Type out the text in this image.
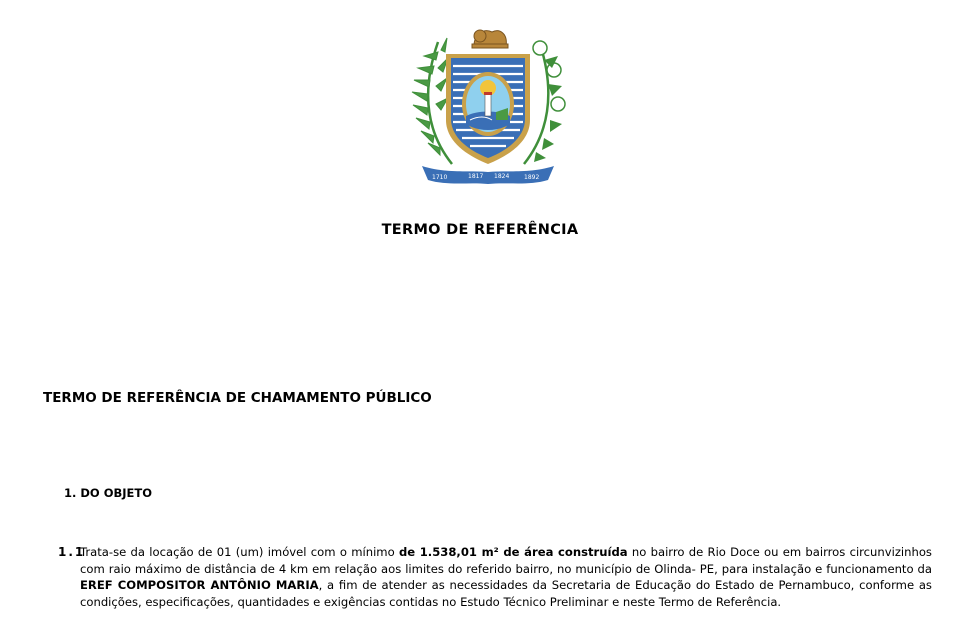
1710	1817 1824 1892
TERMO DE REFERÊNCIA
TERMO DE REFERÊNCIA DE CHAMAMENTO PÚBLICO
1. DO OBJETO
1.1
Trata-se da locação de 01 (um) imóvel com o mínimo de 1.538,01 m² de área construída no bairro de Rio Doce ou em bairros circunvizinhos com raio máximo de distância de 4 km em relação aos limites do referido bairro, no município de Olinda- PE, para instalação e funcionamento da EREF COMPOSITOR ANTÔNIO MARIA, a fim de atender as necessidades da Secretaria de Educação do Estado de Pernambuco, conforme as condições, especificações, quantidades e exigências contidas no Estudo Técnico Preliminar e neste Termo de Referência.
